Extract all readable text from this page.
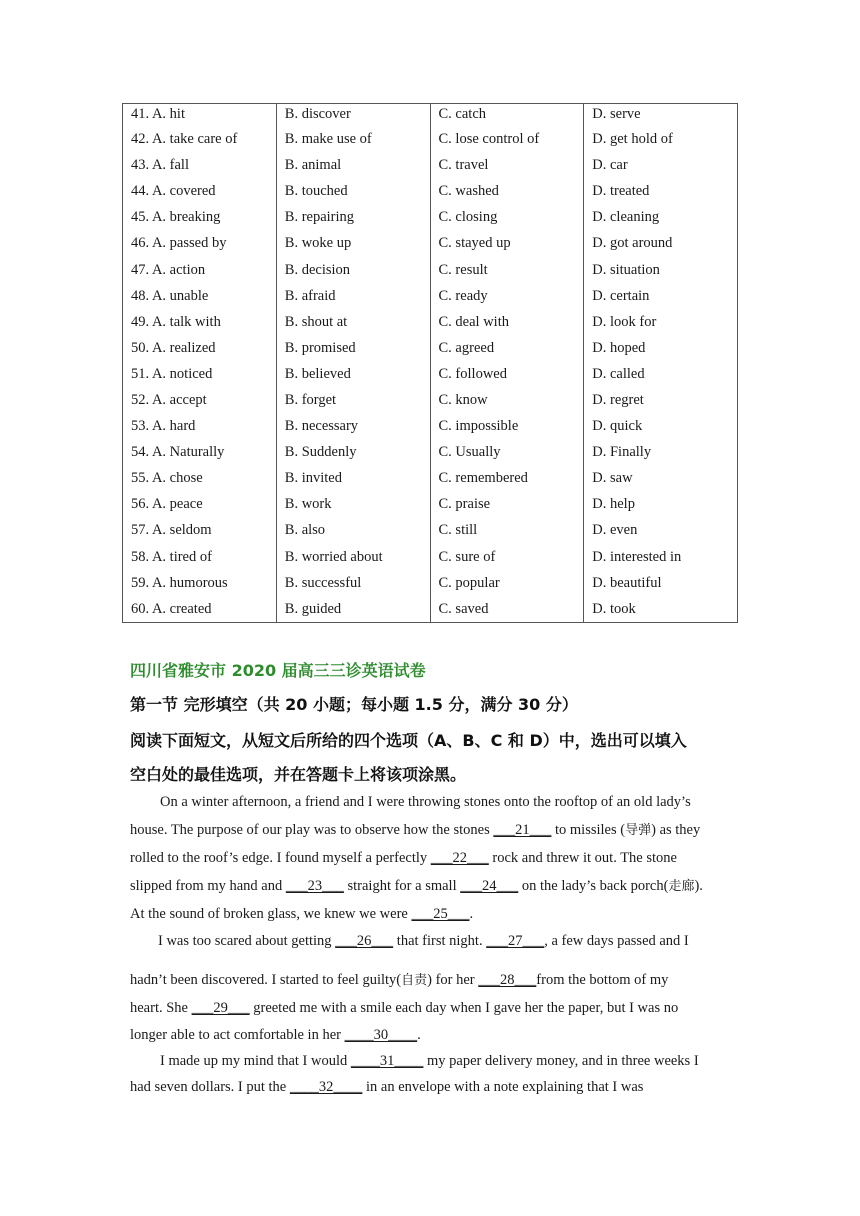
41. A. hit	B. discover	C. catch	D. serve
42. A. take care of	B. make use of	C. lose control of	D. get hold of
43. A. fall	B. animal	C. travel	D. car
44. A. covered	B. touched	C. washed	D. treated
45. A. breaking	B. repairing	C. closing	D. cleaning
46. A. passed by	B. woke up	C. stayed up	D. got around
47. A. action	B. decision	C. result	D. situation
48. A. unable	B. afraid	C. ready	D. certain
49. A. talk with	B. shout at	C. deal with	D. look for
50. A. realized	B. promised	C. agreed	D. hoped
51. A. noticed	B. believed	C. followed	D. called
52. A. accept	B. forget	C. know	D. regret
53. A. hard	B. necessary	C. impossible	D. quick
54. A. Naturally	B. Suddenly	C. Usually	D. Finally
55. A. chose	B. invited	C. remembered	D. saw
56. A. peace	B. work	C. praise	D. help
57. A. seldom	B. also	C. still	D. even
58. A. tired of	B. worried about	C. sure of	D. interested in
59. A. humorous	B. successful	C. popular	D. beautiful
60. A. created	B. guided	C. saved	D. took
四川省雅安市 2020 届高三三诊英语试卷
第一节 完形填空（共 20 小题；每小题 1.5 分，满分 30 分）
阅读下面短文，从短文后所给的四个选项（A、B、C 和 D）中，选出可以填入
空白处的最佳选项，并在答题卡上将该项涂黑。
On a winter afternoon, a friend and I were throwing stones onto the rooftop of an old lady’s
house. The purpose of our play was to observe how the stones ___21___ to missiles (导弹) as they
rolled to the roof’s edge. I found myself a perfectly ___22___ rock and threw it out. The stone
slipped from my hand and ___23___ straight for a small ___24___ on the lady’s back porch(走廊).
At the sound of broken glass, we knew we were ___25___.
I was too scared about getting ___26___ that first night. ___27___, a few days passed and I
hadn’t been discovered. I started to feel guilty(自责) for her ___28___from the bottom of my
heart. She ___29___ greeted me with a smile each day when I gave her the paper, but I was no
longer able to act comfortable in her ____30____.
I made up my mind that I would ____31____ my paper delivery money, and in three weeks I
had seven dollars. I put the ____32____ in an envelope with a note explaining that I was
